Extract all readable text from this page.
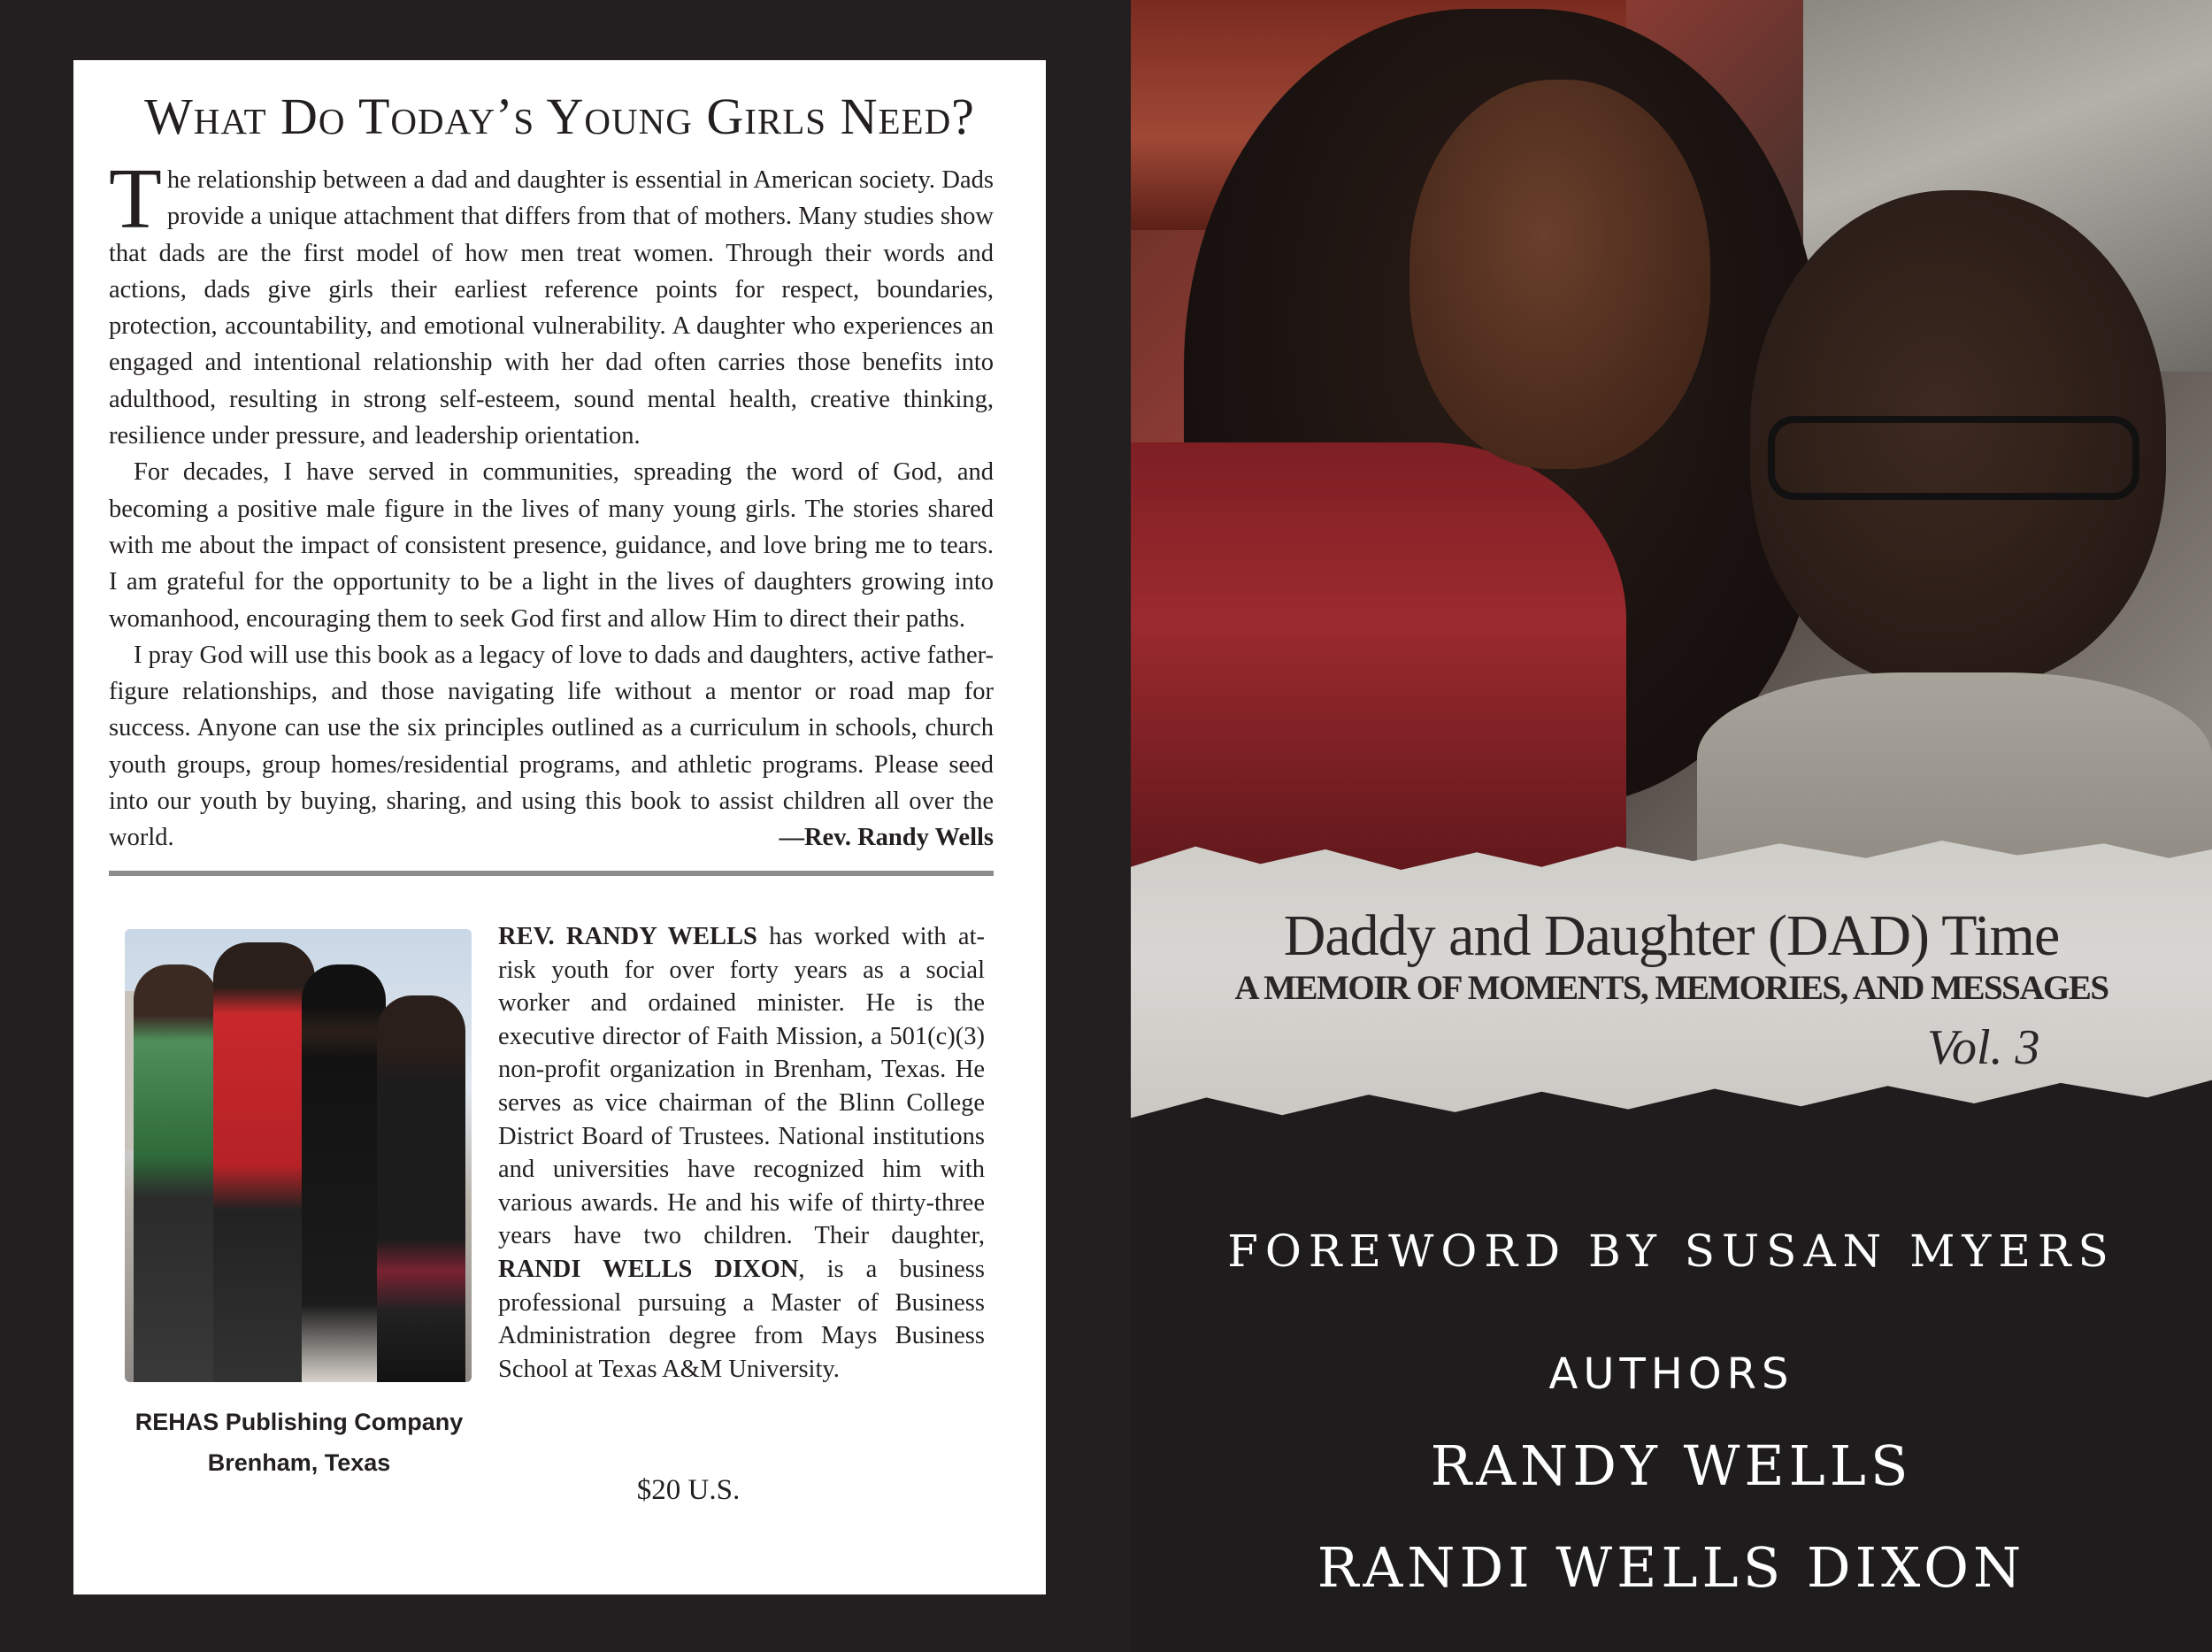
What Do Today’s Young Girls Need?

The relationship between a dad and daughter is essential in American society. Dads provide a unique attachment that differs from that of mothers. Many studies show that dads are the first model of how men treat women. Through their words and actions, dads give girls their earliest reference points for respect, boundaries, protection, accountability, and emotional vulnerability. A daughter who experiences an engaged and intentional relationship with her dad often carries those benefits into adulthood, resulting in strong self-esteem, sound mental health, creative thinking, resilience under pressure, and leadership orientation.

For decades, I have served in communities, spreading the word of God, and becoming a positive male figure in the lives of many young girls. The stories shared with me about the impact of consistent presence, guidance, and love bring me to tears. I am grateful for the opportunity to be a light in the lives of daughters growing into womanhood, encouraging them to seek God first and allow Him to direct their paths.

I pray God will use this book as a legacy of love to dads and daughters, active father-figure relationships, and those navigating life without a mentor or road map for success. Anyone can use the six principles outlined as a curriculum in schools, church youth groups, group homes/residential programs, and athletic programs. Please seed into our youth by buying, sharing, and using this book to assist children all over the world.	—Rev. Randy Wells

REHAS Publishing Company
Brenham, Texas
REV. RANDY WELLS has worked with at-risk youth for over forty years as a social worker and ordained minister. He is the executive director of Faith Mission, a 501(c)(3) non-profit organization in Brenham, Texas. He serves as vice chairman of the Blinn College District Board of Trustees. National institutions and universities have recognized him with various awards. He and his wife of thirty-three years have two children. Their daughter, RANDI WELLS DIXON, is a business professional pursuing a Master of Business Administration degree from Mays Business School at Texas A&M University.
$20 U.S.
Daddy and Daughter (DAD) Time
A MEMOIR OF MOMENTS, MEMORIES, AND MESSAGES
Vol. 3
FOREWORD BY SUSAN MYERS
AUTHORS
RANDY WELLS
RANDI WELLS DIXON
